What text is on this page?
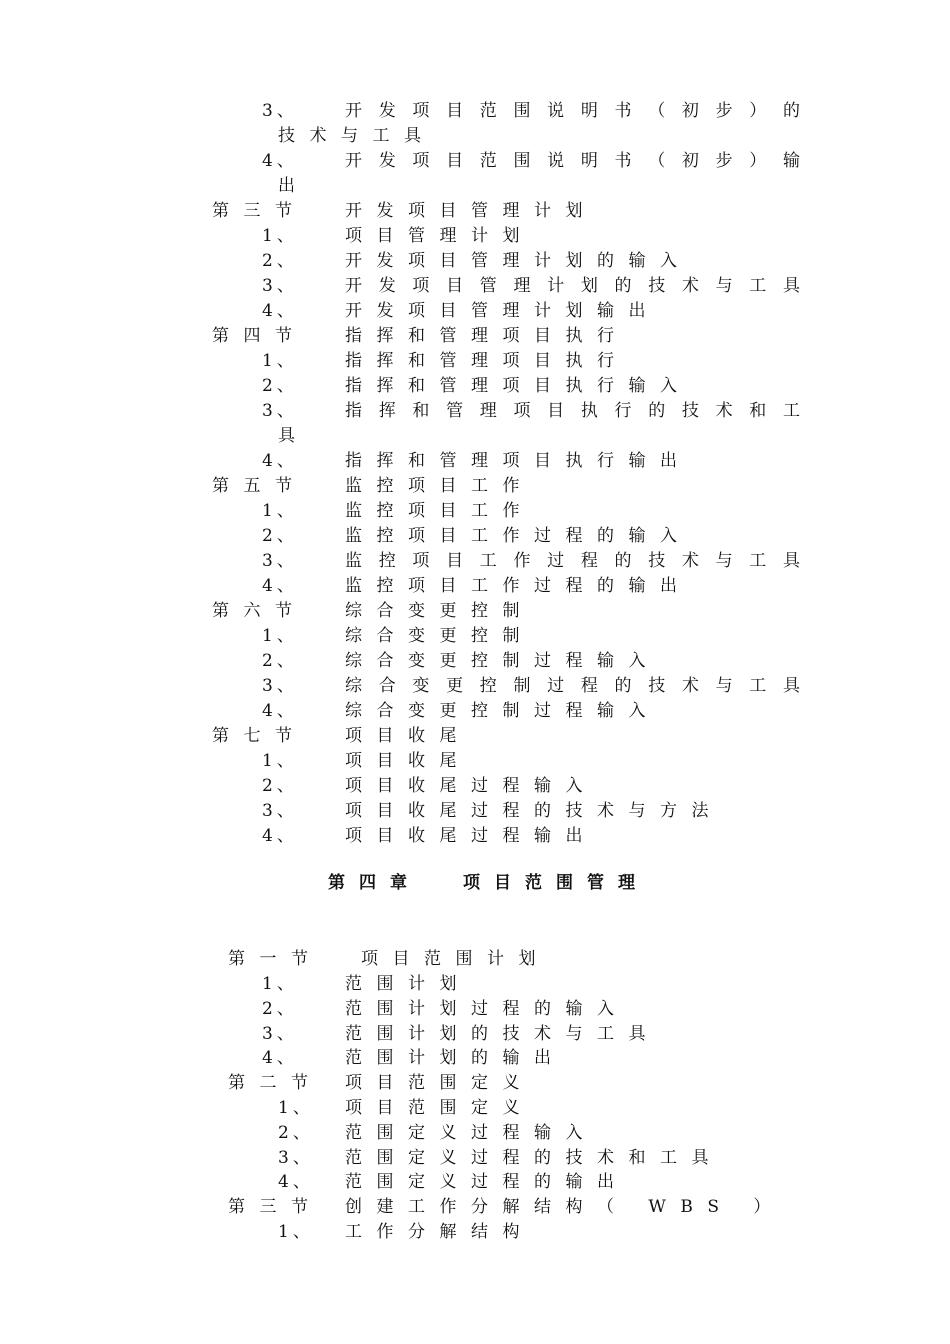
3、	开 发 项 目 范 围 说 明 书 （ 初 步 ） 的
技术与工具
4、	开 发 项 目 范 围 说 明 书 （ 初 步 ） 输
出
第三节 开发项目管理计划
1、	项目管理计划
2、	开发项目管理计划的输入
3、	开 发 项 目 管 理 计 划 的 技 术 与 工 具
4、	开发项目管理计划输出
第四节 指挥和管理项目执行
1、	指挥和管理项目执行
2、	指挥和管理项目执行输入
3、	指 挥 和 管 理 项 目 执 行 的 技 术 和 工
具
4、	指挥和管理项目执行输出
第五节 监控项目工作
1、	监控项目工作
2、	监控项目工作过程的输入
3、	监 控 项 目 工 作 过 程 的 技 术 与 工 具
4、	监控项目工作过程的输出
第六节 综合变更控制
1、	综合变更控制
2、	综合变更控制过程输入
3、	综 合 变 更 控 制 过 程 的 技 术 与 工 具
4、	综合变更控制过程输入
第七节 项目收尾
1、	项目收尾
2、	项目收尾过程输入
3、	项目收尾过程的技术与方法
4、	项目收尾过程输出
第一节 项目范围计划
1、	范围计划
2、	范围计划过程的输入
3、	范围计划的技术与工具
4、	范围计划的输出
第二节 项目范围定义
1、 项目范围定义
2、 范围定义过程输入
3、 范围定义过程的技术和工具
4、 范围定义过程的输出
第三节 创建工作分解结构（ WBS ）
1、 工作分解结构
第四章 项目范围管理
